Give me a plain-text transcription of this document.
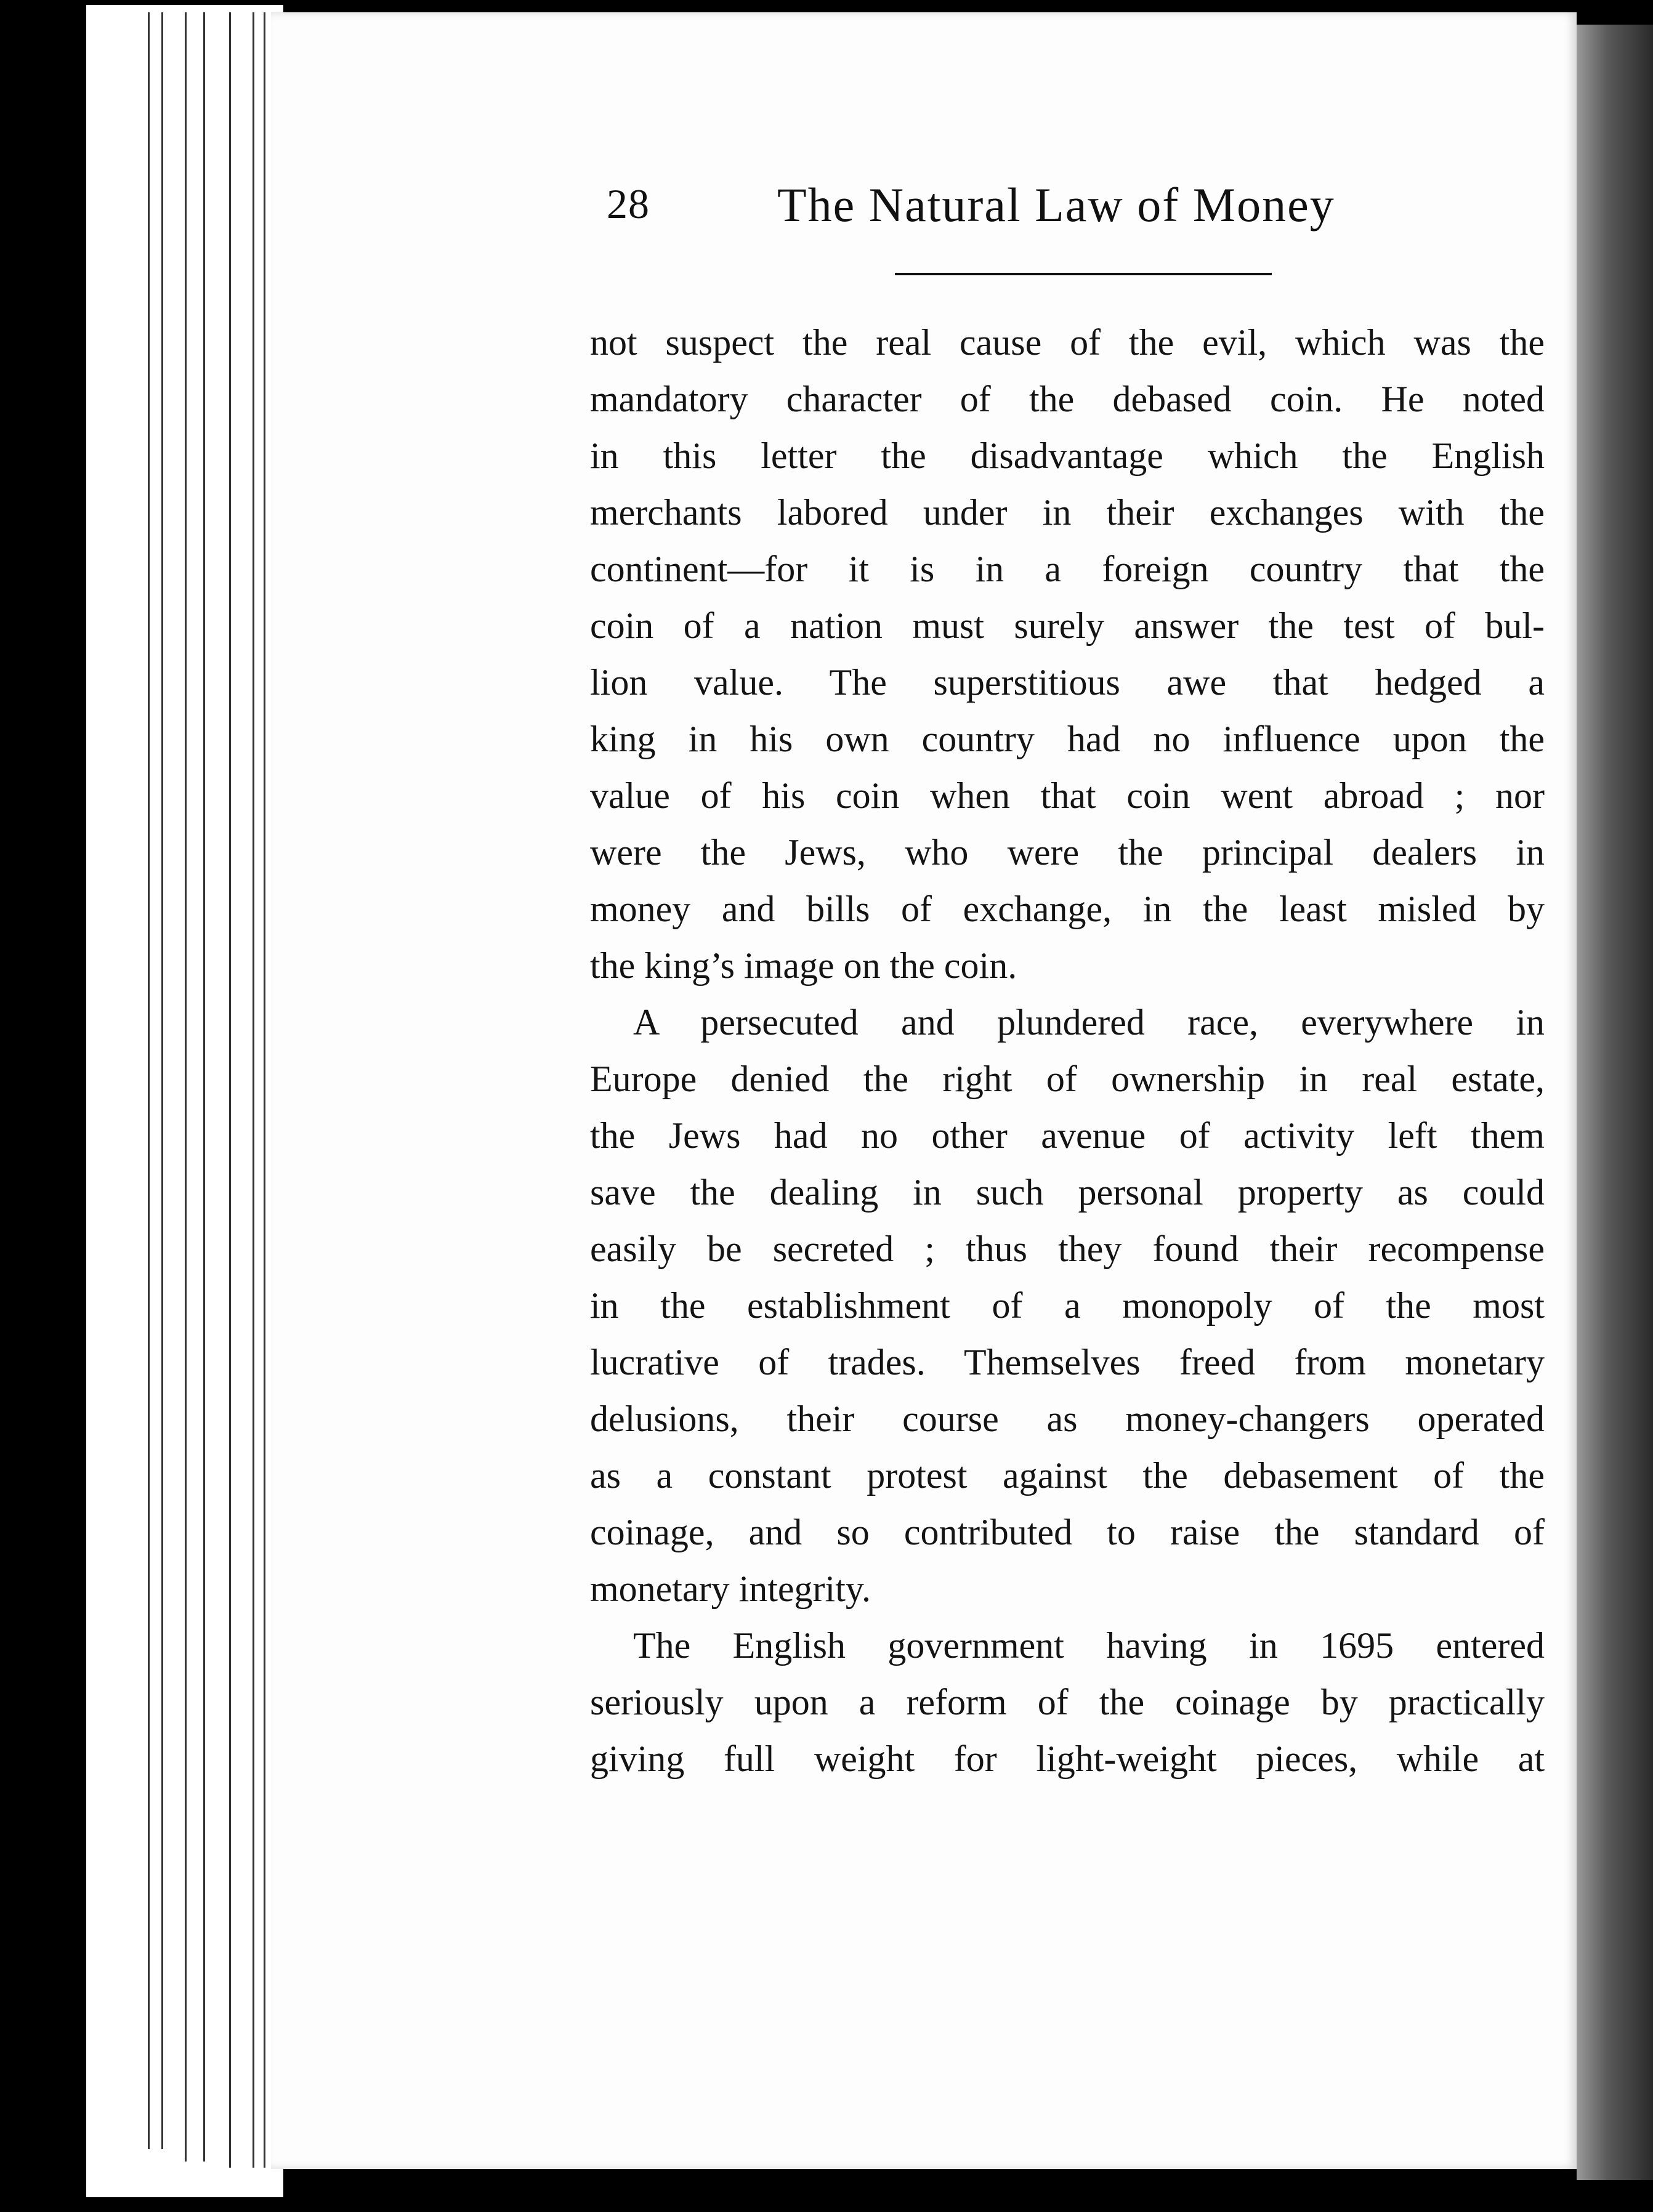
28	The Natural Law of Money
not suspect the real cause of the evil, which was the
mandatory character of the debased coin. He noted
in this letter the disadvantage which the English
merchants labored under in their exchanges with the
continent—for it is in a foreign country that the
coin of a nation must surely answer the test of bul-
lion value. The superstitious awe that hedged a
king in his own country had no influence upon the
value of his coin when that coin went abroad ; nor
were the Jews, who were the principal dealers in
money and bills of exchange, in the least misled by
the king’s image on the coin.
A persecuted and plundered race, everywhere in
Europe denied the right of ownership in real estate,
the Jews had no other avenue of activity left them
save the dealing in such personal property as could
easily be secreted ; thus they found their recompense
in the establishment of a monopoly of the most
lucrative of trades. Themselves freed from monetary
delusions, their course as money-changers operated
as a constant protest against the debasement of the
coinage, and so contributed to raise the standard of
monetary integrity.
The English government having in 1695 entered
seriously upon a reform of the coinage by practically
giving full weight for light-weight pieces, while at
